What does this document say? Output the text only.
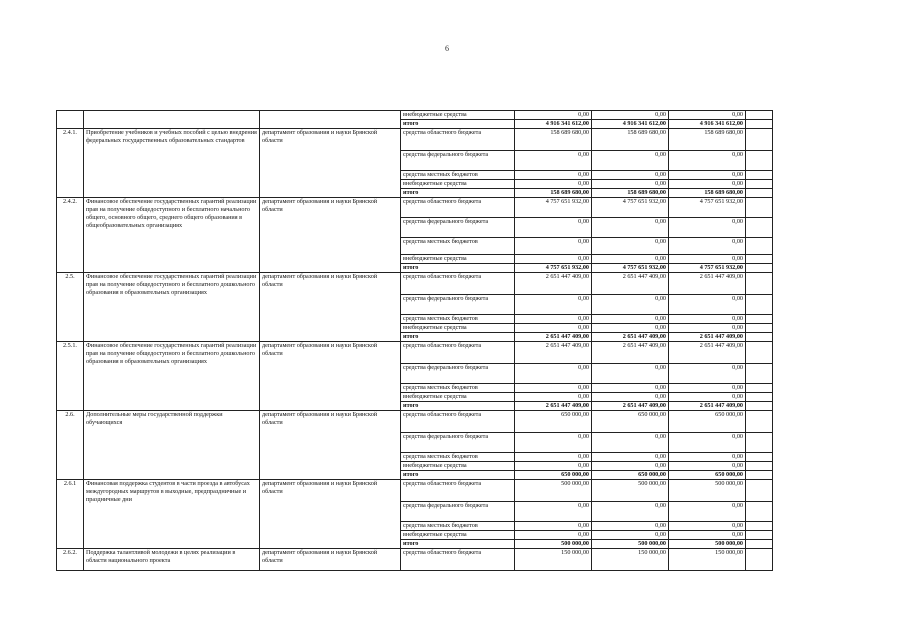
6
			внебюджетные средства	0,00	0,00	0,00	
			итого	4 916 341 612,00	4 916 341 612,00	4 916 341 612,00	
2.4.1.	Приобретение учебников и учебных пособий с целью внедрения федеральных государственных образовательных стандартов	департамент образования и науки Брянской области	средства областного бюджета	158 689 680,00	158 689 680,00	158 689 680,00	
			средства федерального бюджета	0,00	0,00	0,00	
			средства местных бюджетов	0,00	0,00	0,00	
			внебюджетные средства	0,00	0,00	0,00	
			итого	158 689 680,00	158 689 680,00	158 689 680,00	
2.4.2.	Финансовое обеспечение государственных гарантий реализации прав на получение общедоступного и бесплатного начального общего, основного общего, среднего общего образования в общеобразовательных организациях	департамент образования и науки Брянской области	средства областного бюджета	4 757 651 932,00	4 757 651 932,00	4 757 651 932,00	
			средства федерального бюджета	0,00	0,00	0,00	
			средства местных бюджетов	0,00	0,00	0,00	
			внебюджетные средства	0,00	0,00	0,00	
			итого	4 757 651 932,00	4 757 651 932,00	4 757 651 932,00	
2.5.	Финансовое обеспечение государственных гарантий реализации прав на получение общедоступного и бесплатного дошкольного образования в образовательных организациях	департамент образования и науки Брянской области	средства областного бюджета	2 651 447 409,00	2 651 447 409,00	2 651 447 409,00	
			средства федерального бюджета	0,00	0,00	0,00	
			средства местных бюджетов	0,00	0,00	0,00	
			внебюджетные средства	0,00	0,00	0,00	
			итого	2 651 447 409,00	2 651 447 409,00	2 651 447 409,00	
2.5.1.	Финансовое обеспечение государственных гарантий реализации прав на получение общедоступного и бесплатного дошкольного образования в образовательных организациях	департамент образования и науки Брянской области	средства областного бюджета	2 651 447 409,00	2 651 447 409,00	2 651 447 409,00	
			средства федерального бюджета	0,00	0,00	0,00	
			средства местных бюджетов	0,00	0,00	0,00	
			внебюджетные средства	0,00	0,00	0,00	
			итого	2 651 447 409,00	2 651 447 409,00	2 651 447 409,00	
2.6.	Дополнительные меры государственной поддержки обучающихся	департамент образования и науки Брянской области	средства областного бюджета	650 000,00	650 000,00	650 000,00	
			средства федерального бюджета	0,00	0,00	0,00	
			средства местных бюджетов	0,00	0,00	0,00	
			внебюджетные средства	0,00	0,00	0,00	
			итого	650 000,00	650 000,00	650 000,00	
2.6.1	Финансовая поддержка студентов в части проезда в автобусах междугородных маршрутов в выходные, предпраздничные и праздничные дни	департамент образования и науки Брянской области	средства областного бюджета	500 000,00	500 000,00	500 000,00	
			средства федерального бюджета	0,00	0,00	0,00	
			средства местных бюджетов	0,00	0,00	0,00	
			внебюджетные средства	0,00	0,00	0,00	
			итого	500 000,00	500 000,00	500 000,00	
2.6.2.	Поддержка талантливой молодежи в целях реализации в области национального проекта	департамент образования и науки Брянской области	средства областного бюджета	150 000,00	150 000,00	150 000,00	
